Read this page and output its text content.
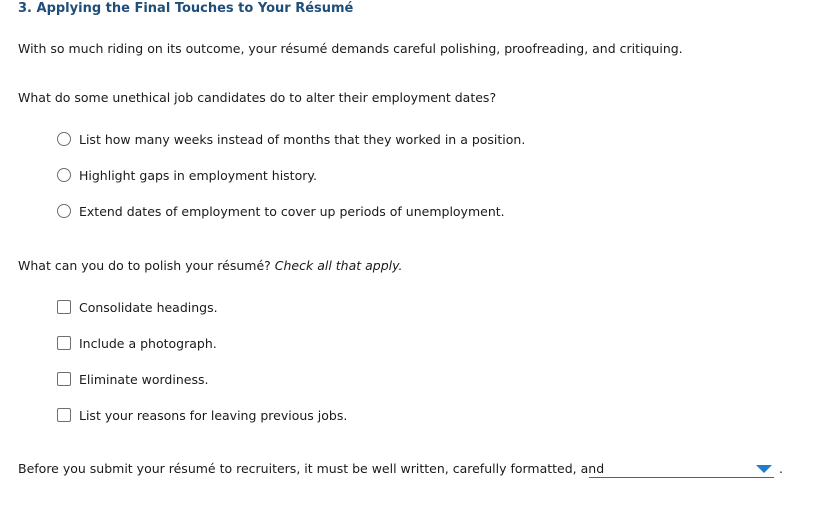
3. Applying the Final Touches to Your Résumé
With so much riding on its outcome, your résumé demands careful polishing, proofreading, and critiquing.
What do some unethical job candidates do to alter their employment dates?
List how many weeks instead of months that they worked in a position.
Highlight gaps in employment history.
Extend dates of employment to cover up periods of unemployment.
What can you do to polish your résumé? Check all that apply.
Consolidate headings.
Include a photograph.
Eliminate wordiness.
List your reasons for leaving previous jobs.
Before you submit your résumé to recruiters, it must be well written, carefully formatted, and	.
